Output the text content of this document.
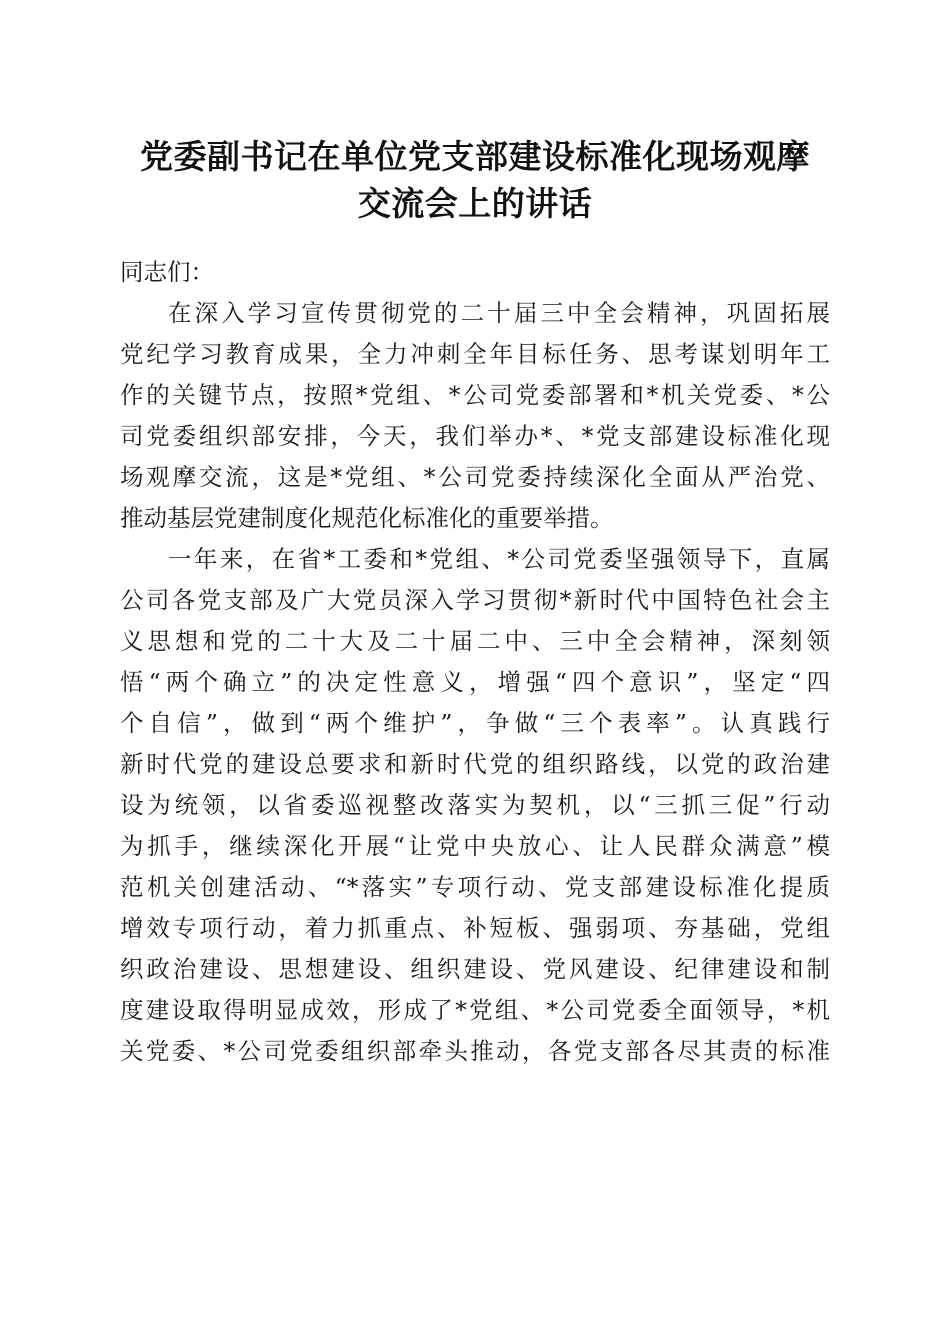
党委副书记在单位党支部建设标准化现场观摩
交流会上的讲话

同志们：

在深入学习宣传贯彻党的二十届三中全会精神，巩固拓展
党纪学习教育成果，全力冲刺全年目标任务、思考谋划明年工
作的关键节点，按照*党组、*公司党委部署和*机关党委、*公
司党委组织部安排，今天，我们举办*、*党支部建设标准化现
场观摩交流，这是*党组、*公司党委持续深化全面从严治党、
推动基层党建制度化规范化标准化的重要举措。

一年来，在省*工委和*党组、*公司党委坚强领导下，直属
公司各党支部及广大党员深入学习贯彻*新时代中国特色社会主
义思想和党的二十大及二十届二中、三中全会精神，深刻领
悟“两个确立”的决定性意义，增强“四个意识”，坚定“四
个自信”，做到“两个维护”，争做“三个表率”。认真践行
新时代党的建设总要求和新时代党的组织路线，以党的政治建
设为统领，以省委巡视整改落实为契机，以“三抓三促”行动
为抓手，继续深化开展“让党中央放心、让人民群众满意”模
范机关创建活动、“*落实”专项行动、党支部建设标准化提质
增效专项行动，着力抓重点、补短板、强弱项、夯基础，党组
织政治建设、思想建设、组织建设、党风建设、纪律建设和制
度建设取得明显成效，形成了*党组、*公司党委全面领导，*机
关党委、*公司党委组织部牵头推动，各党支部各尽其责的标准
